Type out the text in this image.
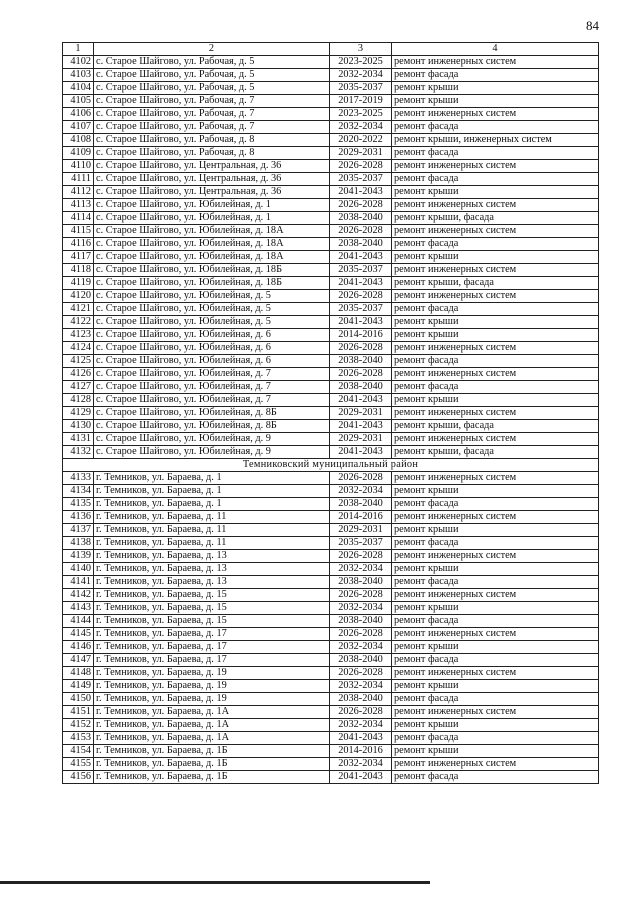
84
1	2	3	4
4102	с. Старое Шайгово, ул. Рабочая, д. 5	2023-2025	ремонт инженерных систем
4103	с. Старое Шайгово, ул. Рабочая, д. 5	2032-2034	ремонт фасада
4104	с. Старое Шайгово, ул. Рабочая, д. 5	2035-2037	ремонт крыши
4105	с. Старое Шайгово, ул. Рабочая, д. 7	2017-2019	ремонт крыши
4106	с. Старое Шайгово, ул. Рабочая, д. 7	2023-2025	ремонт инженерных систем
4107	с. Старое Шайгово, ул. Рабочая, д. 7	2032-2034	ремонт фасада
4108	с. Старое Шайгово, ул. Рабочая, д. 8	2020-2022	ремонт крыши, инженерных систем
4109	с. Старое Шайгово, ул. Рабочая, д. 8	2029-2031	ремонт фасада
4110	с. Старое Шайгово, ул. Центральная, д. 36	2026-2028	ремонт инженерных систем
4111	с. Старое Шайгово, ул. Центральная, д. 36	2035-2037	ремонт фасада
4112	с. Старое Шайгово, ул. Центральная, д. 36	2041-2043	ремонт крыши
4113	с. Старое Шайгово, ул. Юбилейная, д. 1	2026-2028	ремонт инженерных систем
4114	с. Старое Шайгово, ул. Юбилейная, д. 1	2038-2040	ремонт крыши, фасада
4115	с. Старое Шайгово, ул. Юбилейная, д. 18А	2026-2028	ремонт инженерных систем
4116	с. Старое Шайгово, ул. Юбилейная, д. 18А	2038-2040	ремонт фасада
4117	с. Старое Шайгово, ул. Юбилейная, д. 18А	2041-2043	ремонт крыши
4118	с. Старое Шайгово, ул. Юбилейная, д. 18Б	2035-2037	ремонт инженерных систем
4119	с. Старое Шайгово, ул. Юбилейная, д. 18Б	2041-2043	ремонт крыши, фасада
4120	с. Старое Шайгово, ул. Юбилейная, д. 5	2026-2028	ремонт инженерных систем
4121	с. Старое Шайгово, ул. Юбилейная, д. 5	2035-2037	ремонт фасада
4122	с. Старое Шайгово, ул. Юбилейная, д. 5	2041-2043	ремонт крыши
4123	с. Старое Шайгово, ул. Юбилейная, д. 6	2014-2016	ремонт крыши
4124	с. Старое Шайгово, ул. Юбилейная, д. 6	2026-2028	ремонт инженерных систем
4125	с. Старое Шайгово, ул. Юбилейная, д. 6	2038-2040	ремонт фасада
4126	с. Старое Шайгово, ул. Юбилейная, д. 7	2026-2028	ремонт инженерных систем
4127	с. Старое Шайгово, ул. Юбилейная, д. 7	2038-2040	ремонт фасада
4128	с. Старое Шайгово, ул. Юбилейная, д. 7	2041-2043	ремонт крыши
4129	с. Старое Шайгово, ул. Юбилейная, д. 8Б	2029-2031	ремонт инженерных систем
4130	с. Старое Шайгово, ул. Юбилейная, д. 8Б	2041-2043	ремонт крыши, фасада
4131	с. Старое Шайгово, ул. Юбилейная, д. 9	2029-2031	ремонт инженерных систем
4132	с. Старое Шайгово, ул. Юбилейная, д. 9	2041-2043	ремонт крыши, фасада
Темниковский муниципальный район			
4133	г. Темников, ул. Бараева, д. 1	2026-2028	ремонт инженерных систем
4134	г. Темников, ул. Бараева, д. 1	2032-2034	ремонт крыши
4135	г. Темников, ул. Бараева, д. 1	2038-2040	ремонт фасада
4136	г. Темников, ул. Бараева, д. 11	2014-2016	ремонт инженерных систем
4137	г. Темников, ул. Бараева, д. 11	2029-2031	ремонт крыши
4138	г. Темников, ул. Бараева, д. 11	2035-2037	ремонт фасада
4139	г. Темников, ул. Бараева, д. 13	2026-2028	ремонт инженерных систем
4140	г. Темников, ул. Бараева, д. 13	2032-2034	ремонт крыши
4141	г. Темников, ул. Бараева, д. 13	2038-2040	ремонт фасада
4142	г. Темников, ул. Бараева, д. 15	2026-2028	ремонт инженерных систем
4143	г. Темников, ул. Бараева, д. 15	2032-2034	ремонт крыши
4144	г. Темников, ул. Бараева, д. 15	2038-2040	ремонт фасада
4145	г. Темников, ул. Бараева, д. 17	2026-2028	ремонт инженерных систем
4146	г. Темников, ул. Бараева, д. 17	2032-2034	ремонт крыши
4147	г. Темников, ул. Бараева, д. 17	2038-2040	ремонт фасада
4148	г. Темников, ул. Бараева, д. 19	2026-2028	ремонт инженерных систем
4149	г. Темников, ул. Бараева, д. 19	2032-2034	ремонт крыши
4150	г. Темников, ул. Бараева, д. 19	2038-2040	ремонт фасада
4151	г. Темников, ул. Бараева, д. 1А	2026-2028	ремонт инженерных систем
4152	г. Темников, ул. Бараева, д. 1А	2032-2034	ремонт крыши
4153	г. Темников, ул. Бараева, д. 1А	2041-2043	ремонт фасада
4154	г. Темников, ул. Бараева, д. 1Б	2014-2016	ремонт крыши
4155	г. Темников, ул. Бараева, д. 1Б	2032-2034	ремонт инженерных систем
4156	г. Темников, ул. Бараева, д. 1Б	2041-2043	ремонт фасада
